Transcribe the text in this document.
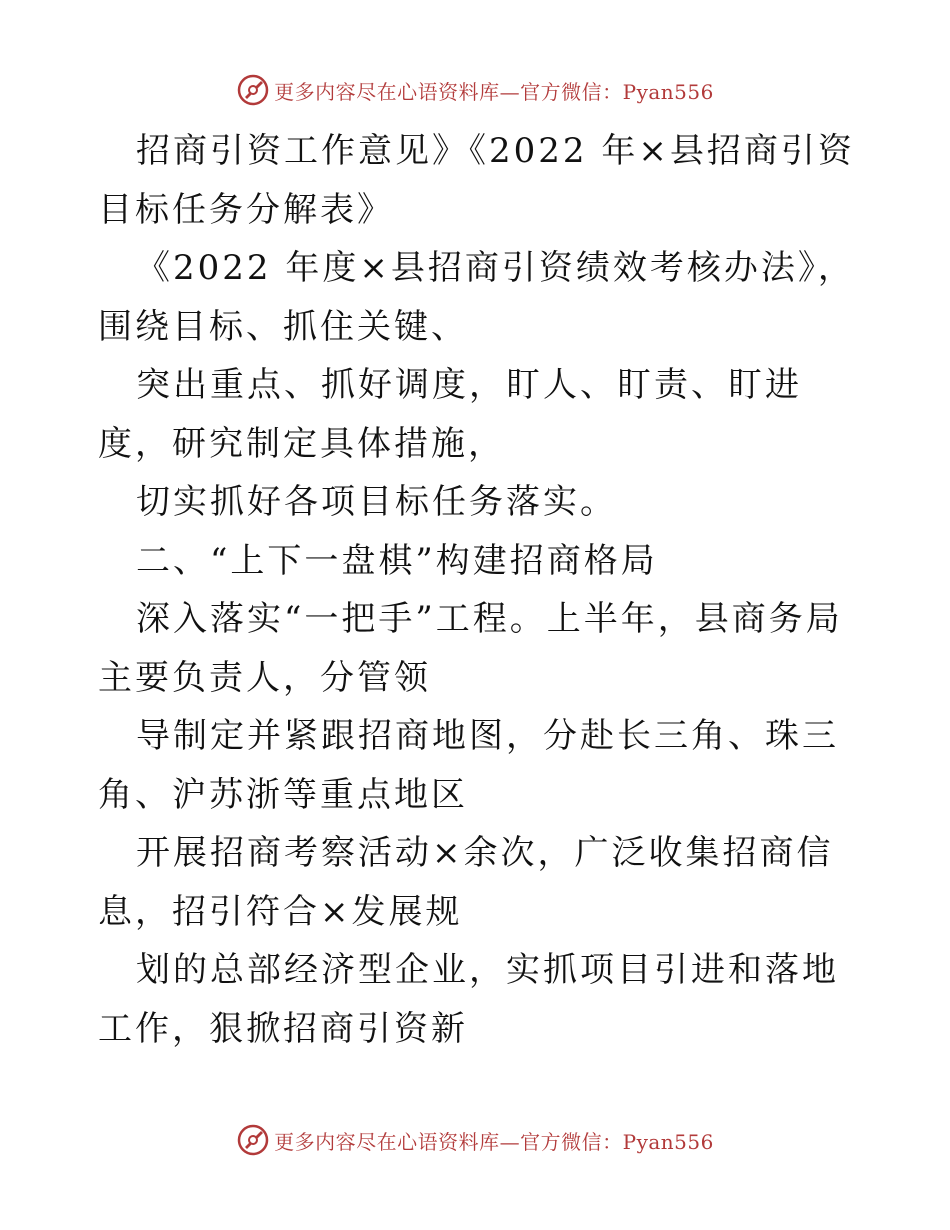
更多内容尽在心语资料库—官方微信：Pyan556

招商引资工作意见》《2022 年×县招商引资目标任务分解表》

《2022 年度×县招商引资绩效考核办法》，围绕目标、抓住关键、

突出重点、抓好调度，盯人、盯责、盯进度，研究制定具体措施，

切实抓好各项目标任务落实。

二、“上下一盘棋”构建招商格局

深入落实“一把手”工程。上半年，县商务局主要负责人，分管领

导制定并紧跟招商地图，分赴长三角、珠三角、沪苏浙等重点地区

开展招商考察活动×余次，广泛收集招商信息，招引符合×发展规

划的总部经济型企业，实抓项目引进和落地工作，狠掀招商引资新

更多内容尽在心语资料库—官方微信：Pyan556
